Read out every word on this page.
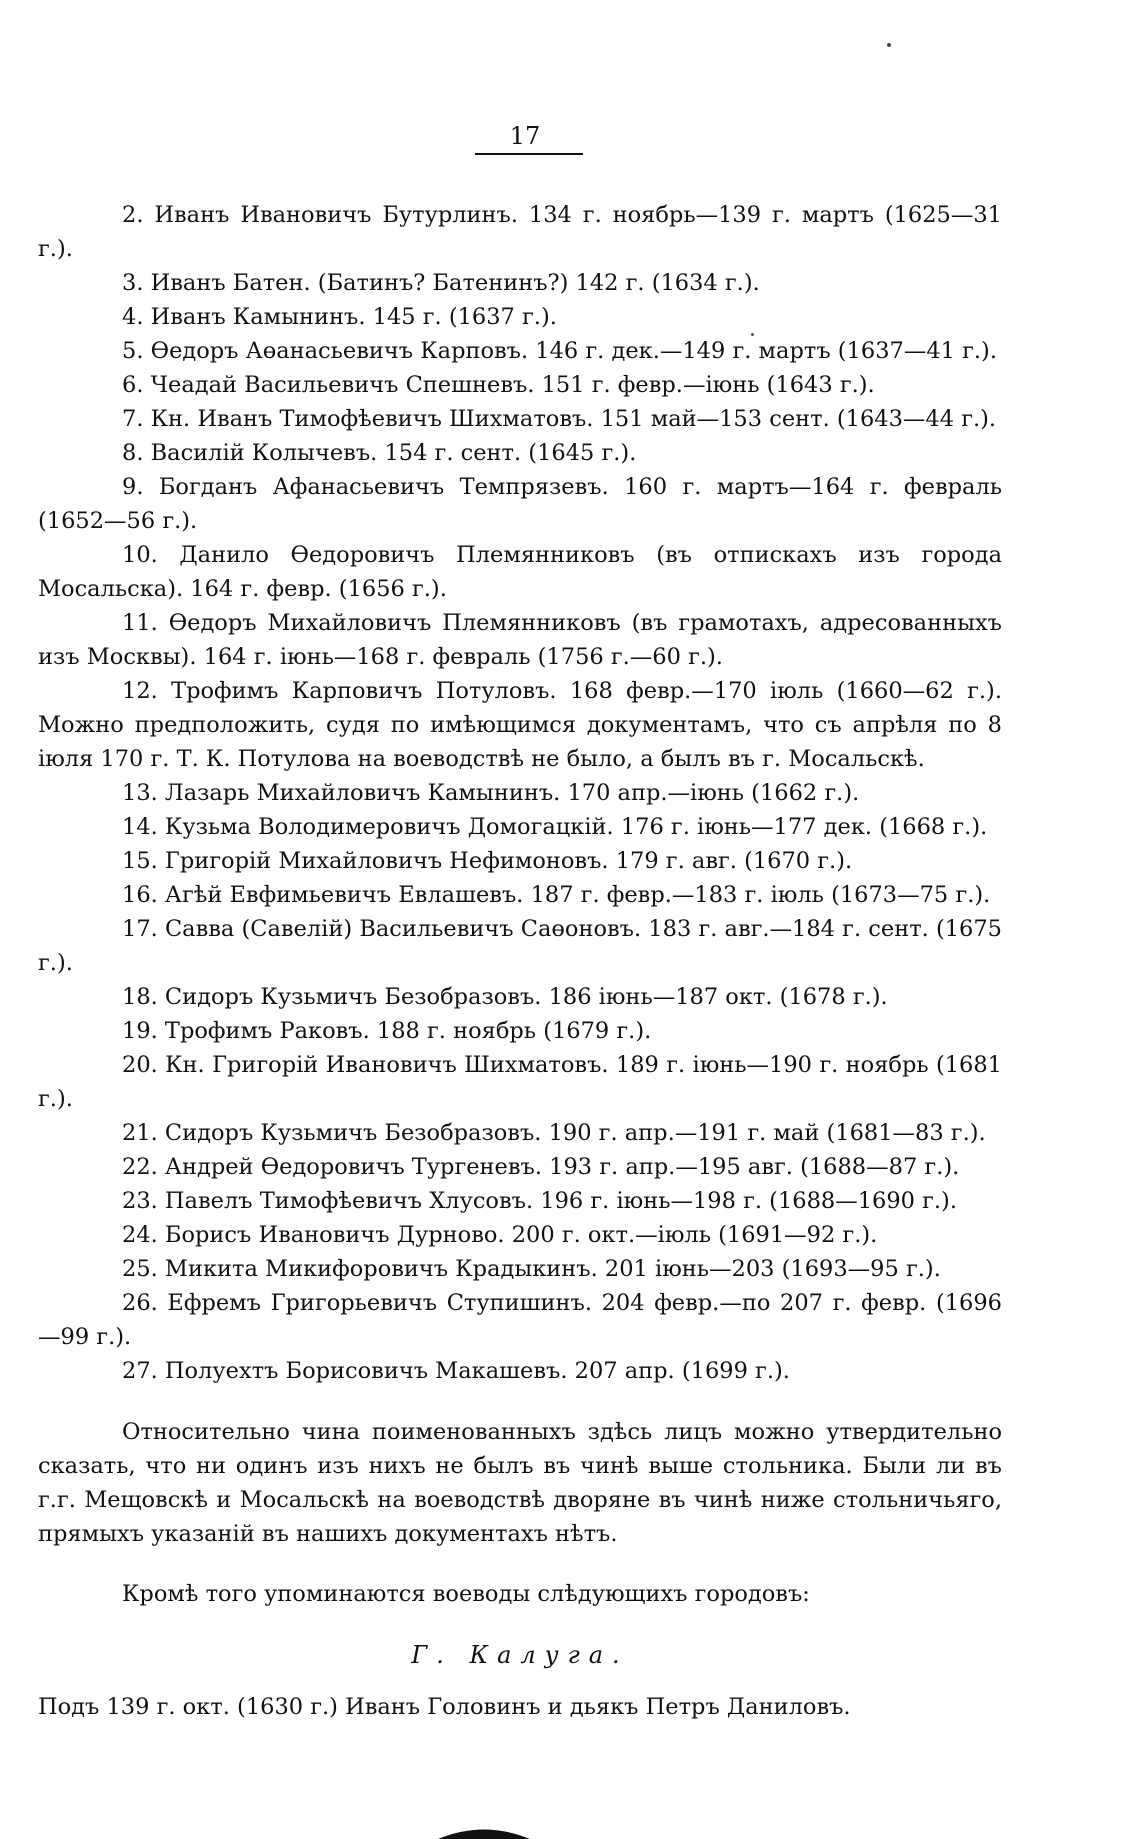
17

2. Иванъ Ивановичъ Бутурлинъ. 134 г. ноябрь—139 г. мартъ (1625—31 г.).

3. Иванъ Батен. (Батинъ? Батенинъ?) 142 г. (1634 г.).

4. Иванъ Камынинъ. 145 г. (1637 г.).

5. Өедоръ Аөанасьевичъ Карповъ. 146 г. дек.—149 г. мартъ (1637—41 г.).

6. Чеадай Васильевичъ Спешневъ. 151 г. февр.—іюнь (1643 г.).

7. Кн. Иванъ Тимофѣевичъ Шихматовъ. 151 май—153 сент. (1643—44 г.).

8. Василій Колычевъ. 154 г. сент. (1645 г.).

9. Богданъ Афанасьевичъ Темпрязевъ. 160 г. мартъ—164 г. февраль (1652—56 г.).

10. Данило Өедоровичъ Племянниковъ (въ отпискахъ изъ города Мосальска). 164 г. февр. (1656 г.).

11. Өедоръ Михайловичъ Племянниковъ (въ грамотахъ, адресованныхъ изъ Москвы). 164 г. іюнь—168 г. февраль (1756 г.—60 г.).

12. Трофимъ Карповичъ Потуловъ. 168 февр.—170 іюль (1660—62 г.). Можно предположить, судя по имѣющимся документамъ, что съ апрѣля по 8 іюля 170 г. Т. К. Потулова на воеводствѣ не было, а былъ въ г. Мосальскѣ.

13. Лазарь Михайловичъ Камынинъ. 170 апр.—іюнь (1662 г.).

14. Кузьма Володимеровичъ Домогацкій. 176 г. іюнь—177 дек. (1668 г.).

15. Григорій Михайловичъ Нефимоновъ. 179 г. авг. (1670 г.).

16. Агѣй Евфимьевичъ Евлашевъ. 187 г. февр.—183 г. іюль (1673—75 г.).

17. Савва (Савелій) Васильевичъ Саөоновъ. 183 г. авг.—184 г. сент. (1675 г.).

18. Сидоръ Кузьмичъ Безобразовъ. 186 іюнь—187 окт. (1678 г.).

19. Трофимъ Раковъ. 188 г. ноябрь (1679 г.).

20. Кн. Григорій Ивановичъ Шихматовъ. 189 г. іюнь—190 г. ноябрь (1681 г.).

21. Сидоръ Кузьмичъ Безобразовъ. 190 г. апр.—191 г. май (1681—83 г.).

22. Андрей Өедоровичъ Тургеневъ. 193 г. апр.—195 авг. (1688—87 г.).

23. Павелъ Тимофѣевичъ Хлусовъ. 196 г. іюнь—198 г. (1688—1690 г.).

24. Борисъ Ивановичъ Дурново. 200 г. окт.—іюль (1691—92 г.).

25. Микита Микифоровичъ Крадыкинъ. 201 іюнь—203 (1693—95 г.).

26. Ефремъ Григорьевичъ Ступишинъ. 204 февр.—по 207 г. февр. (1696—99 г.).

27. Полуехтъ Борисовичъ Макашевъ. 207 апр. (1699 г.).

Относительно чина поименованныхъ здѣсь лицъ можно утвердительно сказать, что ни одинъ изъ нихъ не былъ въ чинѣ выше стольника. Были ли въ г.г. Мещовскѣ и Мосальскѣ на воеводствѣ дворяне въ чинѣ ниже стольничьяго, прямыхъ указаній въ нашихъ документахъ нѣтъ.

Кромѣ того упоминаются воеводы слѣдующихъ городовъ:

Г. Калуга.
Подъ 139 г. окт. (1630 г.) Иванъ Головинъ и дьякъ Петръ Даниловъ.
